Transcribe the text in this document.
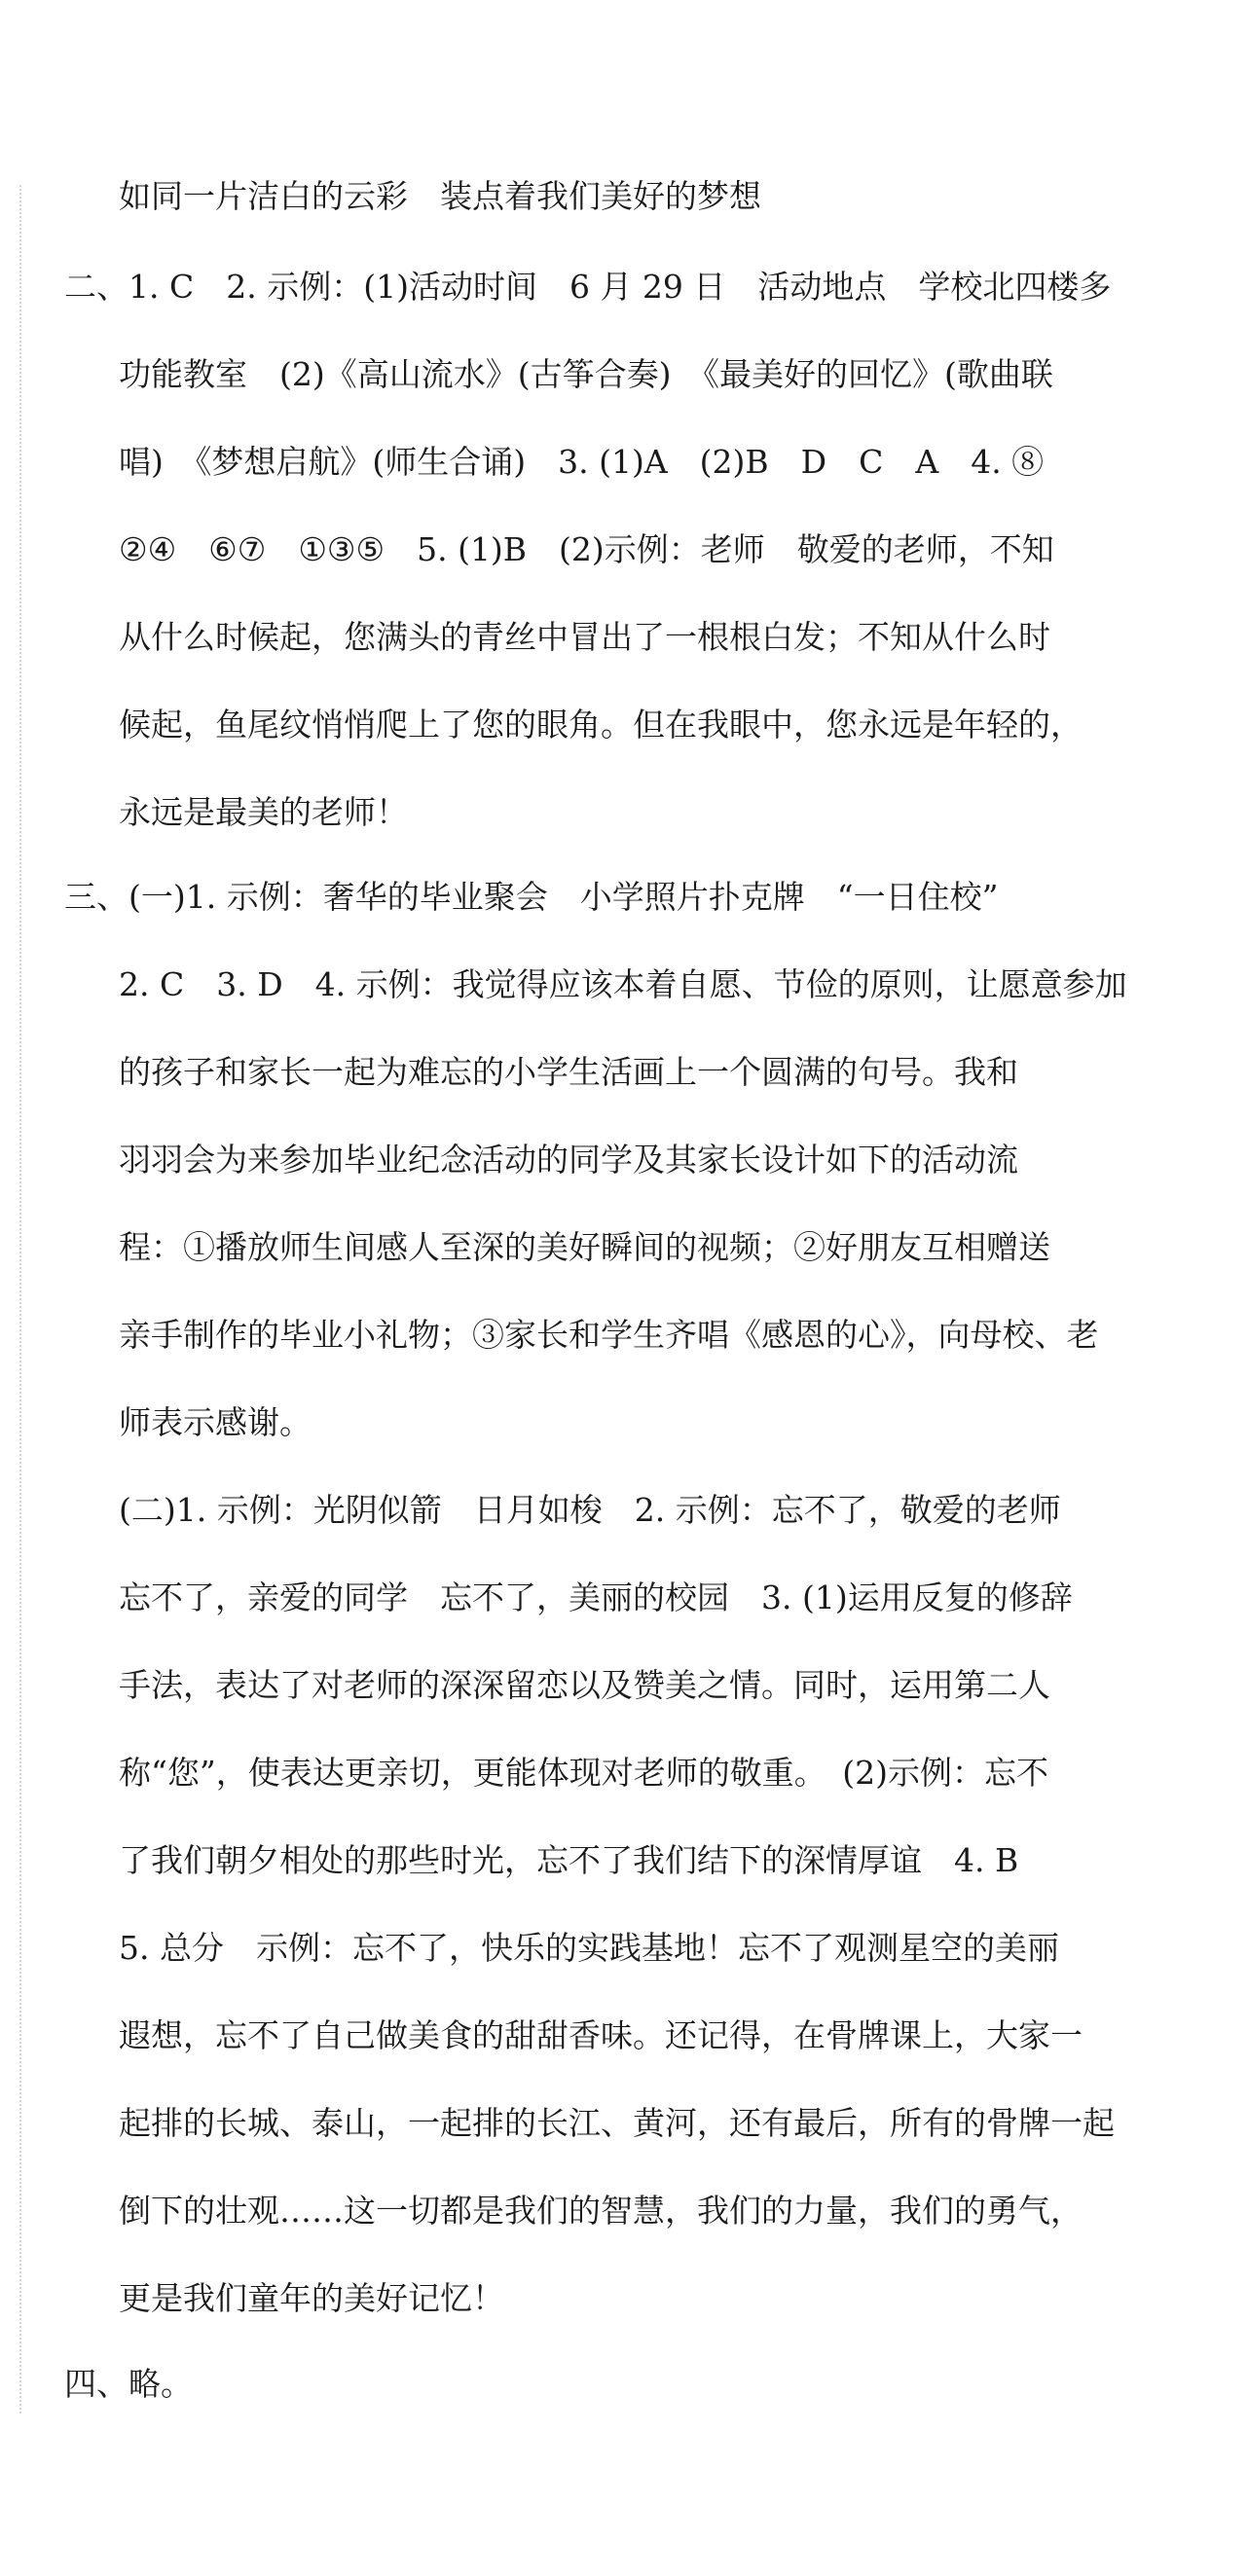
如同一片洁白的云彩　装点着我们美好的梦想
二、1. C　2. 示例：(1)活动时间　6 月 29 日　活动地点　学校北四楼多
功能教室　(2)《高山流水》(古筝合奏)　《最美好的回忆》(歌曲联
唱)　《梦想启航》(师生合诵)　3. (1)A　(2)B　D　C　A　4. ⑧
②④　⑥⑦　①③⑤　5. (1)B　(2)示例：老师　敬爱的老师，不知
从什么时候起，您满头的青丝中冒出了一根根白发；不知从什么时
候起，鱼尾纹悄悄爬上了您的眼角。但在我眼中，您永远是年轻的，
永远是最美的老师！
三、(一)1. 示例：奢华的毕业聚会　小学照片扑克牌　“一日住校”
2. C　3. D　4. 示例：我觉得应该本着自愿、节俭的原则，让愿意参加
的孩子和家长一起为难忘的小学生活画上一个圆满的句号。我和
羽羽会为来参加毕业纪念活动的同学及其家长设计如下的活动流
程：①播放师生间感人至深的美好瞬间的视频；②好朋友互相赠送
亲手制作的毕业小礼物；③家长和学生齐唱《感恩的心》，向母校、老
师表示感谢。
(二)1. 示例：光阴似箭　日月如梭　2. 示例：忘不了，敬爱的老师
忘不了，亲爱的同学　忘不了，美丽的校园　3. (1)运用反复的修辞
手法，表达了对老师的深深留恋以及赞美之情。同时，运用第二人
称“您”，使表达更亲切，更能体现对老师的敬重。　(2)示例：忘不
了我们朝夕相处的那些时光，忘不了我们结下的深情厚谊　4. B
5. 总分　示例：忘不了，快乐的实践基地！忘不了观测星空的美丽
遐想，忘不了自己做美食的甜甜香味。还记得，在骨牌课上，大家一
起排的长城、泰山，一起排的长江、黄河，还有最后，所有的骨牌一起
倒下的壮观……这一切都是我们的智慧，我们的力量，我们的勇气，
更是我们童年的美好记忆！
四、略。
